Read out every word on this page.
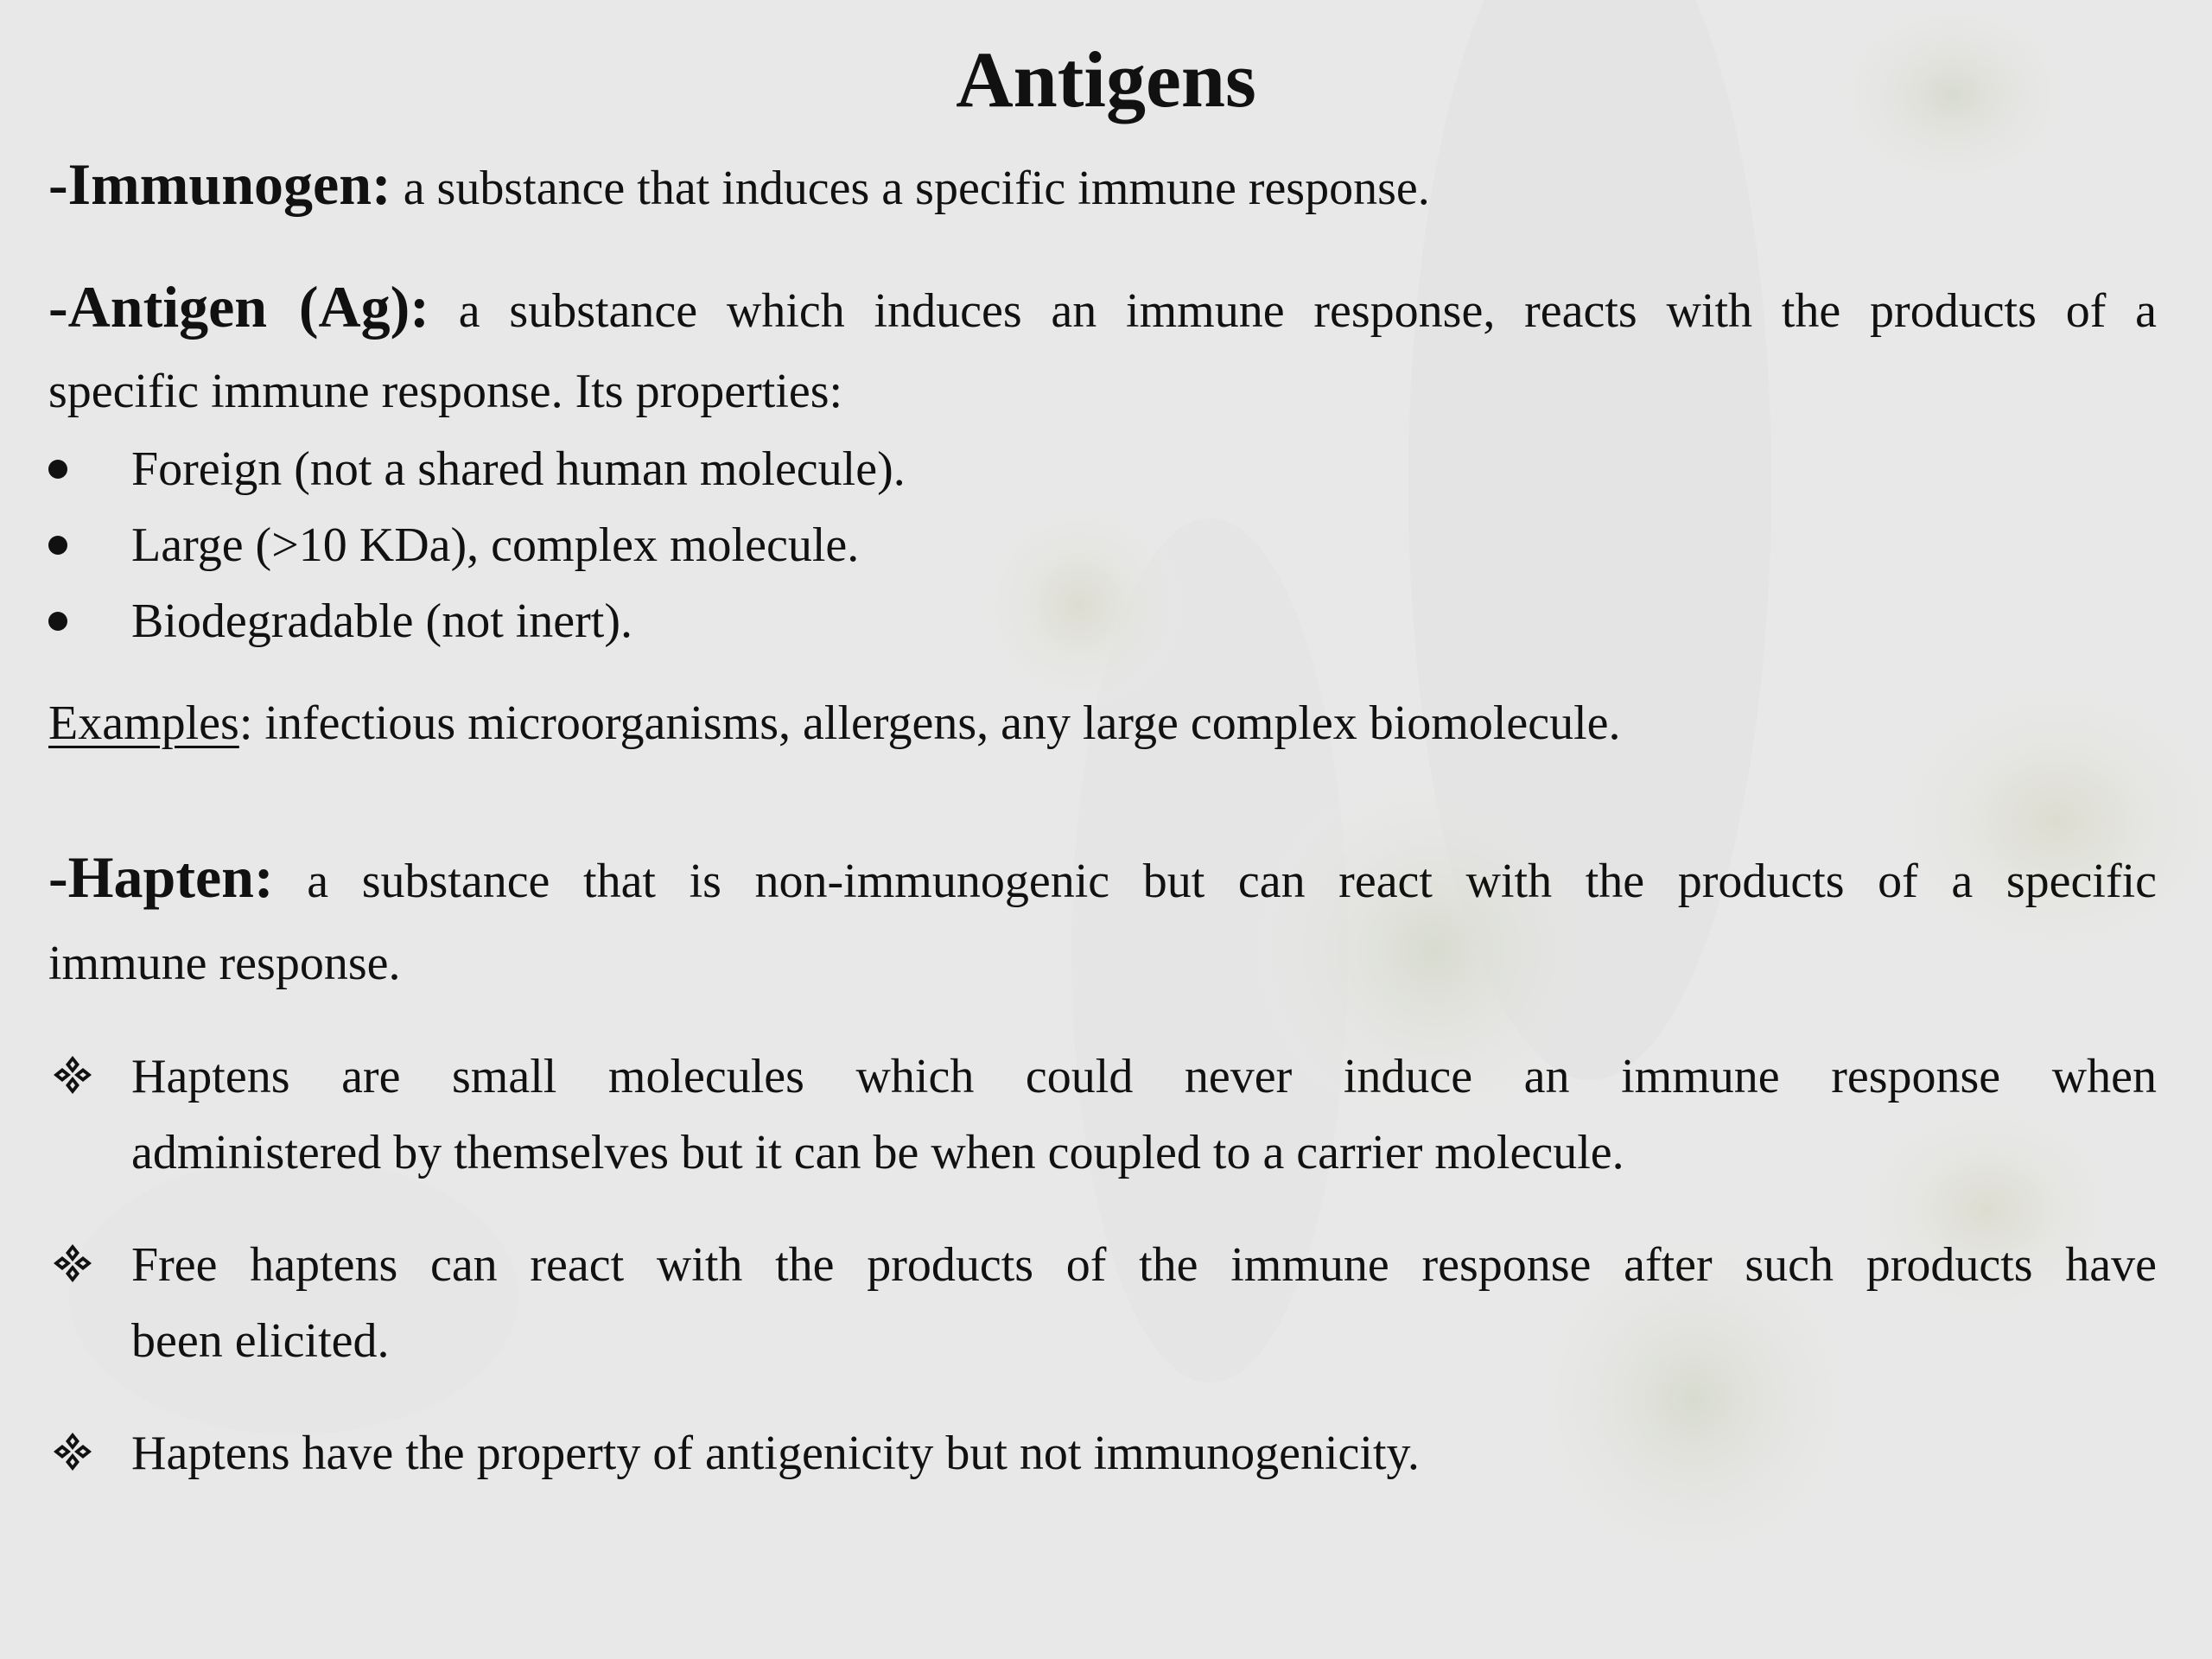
Antigens
-Immunogen: a substance that induces a specific immune response.
-Antigen (Ag): a substance which induces an immune response, reacts with the products of a
specific immune response. Its properties:
Foreign (not a shared human molecule).
Large (>10 KDa), complex molecule.
Biodegradable (not inert).
Examples: infectious microorganisms, allergens, any large complex biomolecule.
-Hapten: a substance that is non-immunogenic but can react with the products of a specific
immune response.
Haptens are small molecules which could never induce an immune response when
administered by themselves but it can be when coupled to a carrier molecule.
Free haptens can react with the products of the immune response after such products have
been elicited.
Haptens have the property of antigenicity but not immunogenicity.
